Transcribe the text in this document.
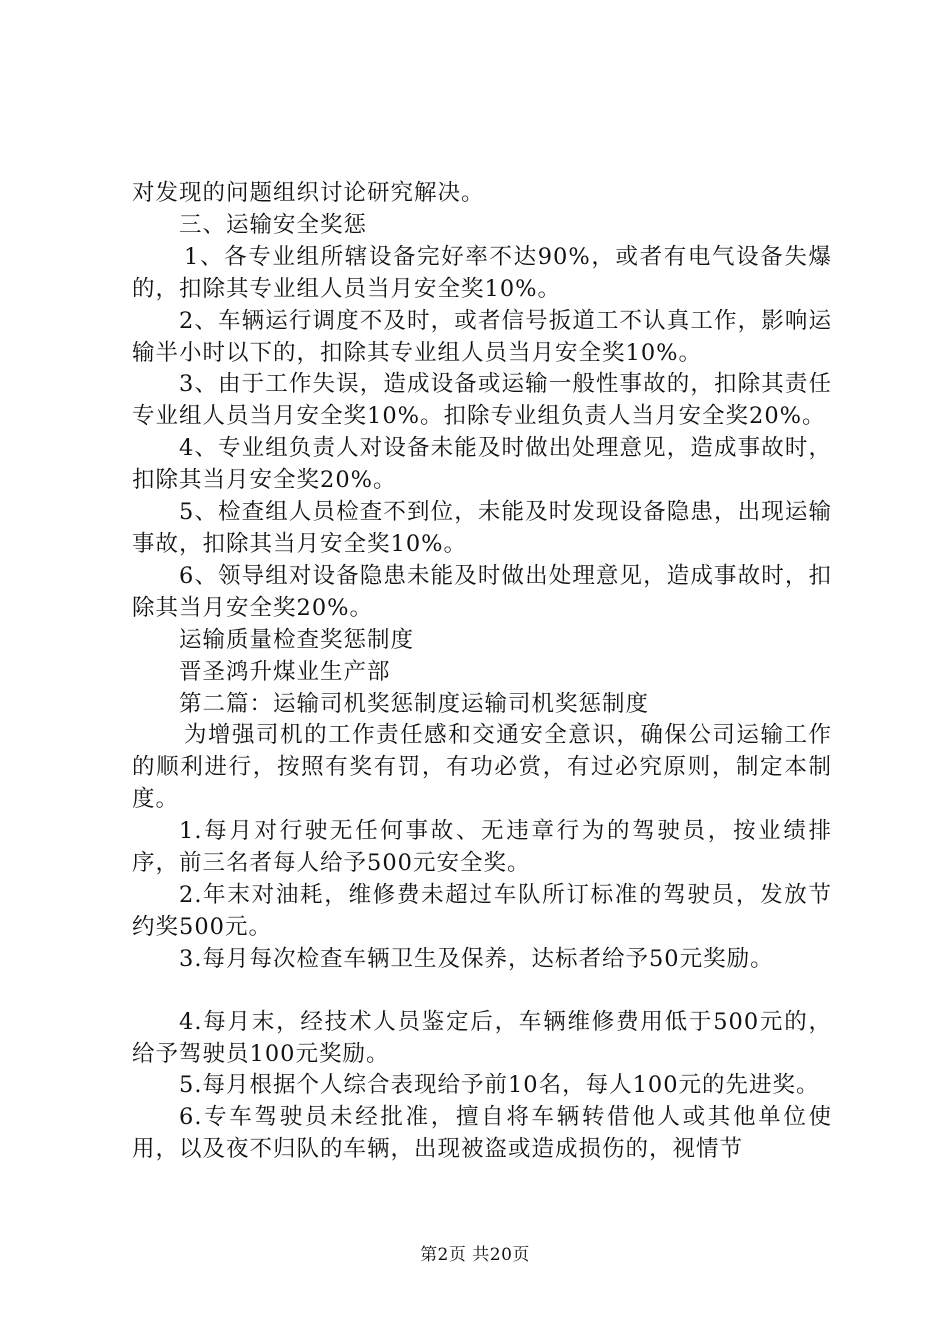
对发现的问题组织讨论研究解决。

三、运输安全奖惩

1、各专业组所辖设备完好率不达90%，或者有电气设备失爆的，扣除其专业组人员当月安全奖10%。

2、车辆运行调度不及时，或者信号扳道工不认真工作，影响运输半小时以下的，扣除其专业组人员当月安全奖10%。

3、由于工作失误，造成设备或运输一般性事故的，扣除其责任专业组人员当月安全奖10%。扣除专业组负责人当月安全奖20%。

4、专业组负责人对设备未能及时做出处理意见，造成事故时，扣除其当月安全奖20%。

5、检查组人员检查不到位，未能及时发现设备隐患，出现运输事故，扣除其当月安全奖10%。

6、领导组对设备隐患未能及时做出处理意见，造成事故时，扣除其当月安全奖20%。

运输质量检查奖惩制度

晋圣鸿升煤业生产部

第二篇：运输司机奖惩制度运输司机奖惩制度

为增强司机的工作责任感和交通安全意识，确保公司运输工作的顺利进行，按照有奖有罚，有功必赏，有过必究原则，制定本制度。

1.每月对行驶无任何事故、无违章行为的驾驶员，按业绩排序，前三名者每人给予500元安全奖。

2.年末对油耗，维修费未超过车队所订标准的驾驶员，发放节约奖500元。

3.每月每次检查车辆卫生及保养，达标者给予50元奖励。

4.每月末，经技术人员鉴定后，车辆维修费用低于500元的，给予驾驶员100元奖励。

5.每月根据个人综合表现给予前10名，每人100元的先进奖。

6.专车驾驶员未经批准，擅自将车辆转借他人或其他单位使用，以及夜不归队的车辆，出现被盗或造成损伤的，视情节

第2页 共20页
